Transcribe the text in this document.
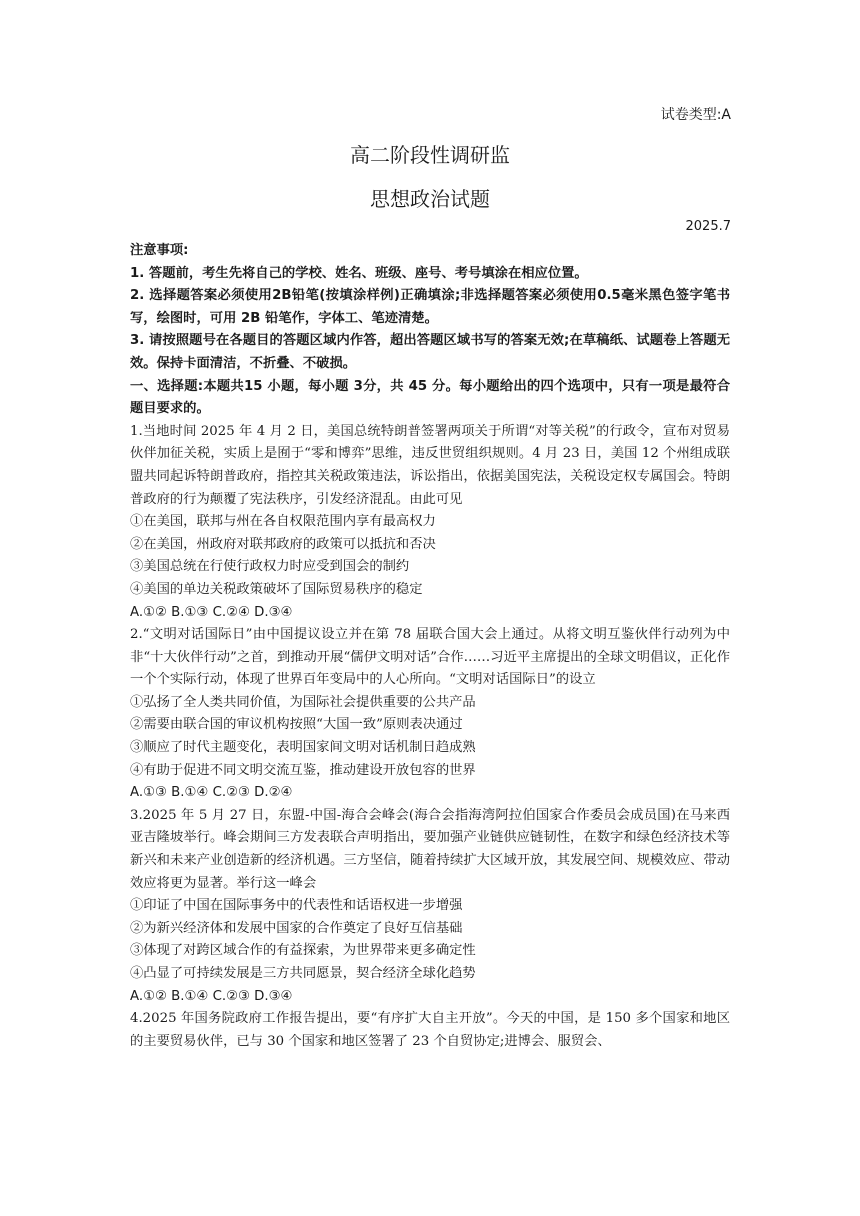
试卷类型:A
高二阶段性调研监
思想政治试题
2025.7

注意事项:

1. 答题前，考生先将自己的学校、姓名、班级、座号、考号填涂在相应位置。

2. 选择题答案必须使用2B铅笔(按填涂样例)正确填涂;非选择题答案必须使用0.5毫米黑色签字笔书写，绘图时，可用 2B 铅笔作，字体工、笔迹清楚。

3. 请按照题号在各题目的答题区域内作答，超出答题区域书写的答案无效;在草稿纸、试题卷上答题无效。保持卡面清洁，不折叠、不破损。

一、选择题:本题共15 小题，每小题 3分，共 45 分。每小题给出的四个选项中，只有一项是最符合题目要求的。

1.当地时间 2025 年 4 月 2 日，美国总统特朗普签署两项关于所谓“对等关税”的行政令，宣布对贸易伙伴加征关税，实质上是囿于“零和博弈”思维，违反世贸组织规则。4 月 23 日，美国 12 个州组成联盟共同起诉特朗普政府，指控其关税政策违法，诉讼指出，依据美国宪法，关税设定权专属国会。特朗普政府的行为颠覆了宪法秩序，引发经济混乱。由此可见

①在美国，联邦与州在各自权限范围内享有最高权力

②在美国，州政府对联邦政府的政策可以抵抗和否决

③美国总统在行使行政权力时应受到国会的制约

④美国的单边关税政策破坏了国际贸易秩序的稳定

A.①② B.①③ C.②④ D.③④

2.“文明对话国际日”由中国提议设立并在第 78 届联合国大会上通过。从将文明互鉴伙伴行动列为中非“十大伙伴行动”之首，到推动开展“儒伊文明对话”合作……习近平主席提出的全球文明倡议，正化作一个个实际行动，体现了世界百年变局中的人心所向。“文明对话国际日”的设立

①弘扬了全人类共同价值，为国际社会提供重要的公共产品

②需要由联合国的审议机构按照“大国一致”原则表决通过

③顺应了时代主题变化，表明国家间文明对话机制日趋成熟

④有助于促进不同文明交流互鉴，推动建设开放包容的世界

A.①③ B.①④ C.②③ D.②④

3.2025 年 5 月 27 日，东盟-中国-海合会峰会(海合会指海湾阿拉伯国家合作委员会成员国)在马来西亚吉隆坡举行。峰会期间三方发表联合声明指出，要加强产业链供应链韧性，在数字和绿色经济技术等新兴和未来产业创造新的经济机遇。三方坚信，随着持续扩大区域开放，其发展空间、规模效应、带动效应将更为显著。举行这一峰会

①印证了中国在国际事务中的代表性和话语权进一步增强

②为新兴经济体和发展中国家的合作奠定了良好互信基础

③体现了对跨区域合作的有益探索，为世界带来更多确定性

④凸显了可持续发展是三方共同愿景，契合经济全球化趋势

A.①② B.①④ C.②③ D.③④

4.2025 年国务院政府工作报告提出，要“有序扩大自主开放”。今天的中国，是 150 多个国家和地区的主要贸易伙伴，已与 30 个国家和地区签署了 23 个自贸协定;进博会、服贸会、
